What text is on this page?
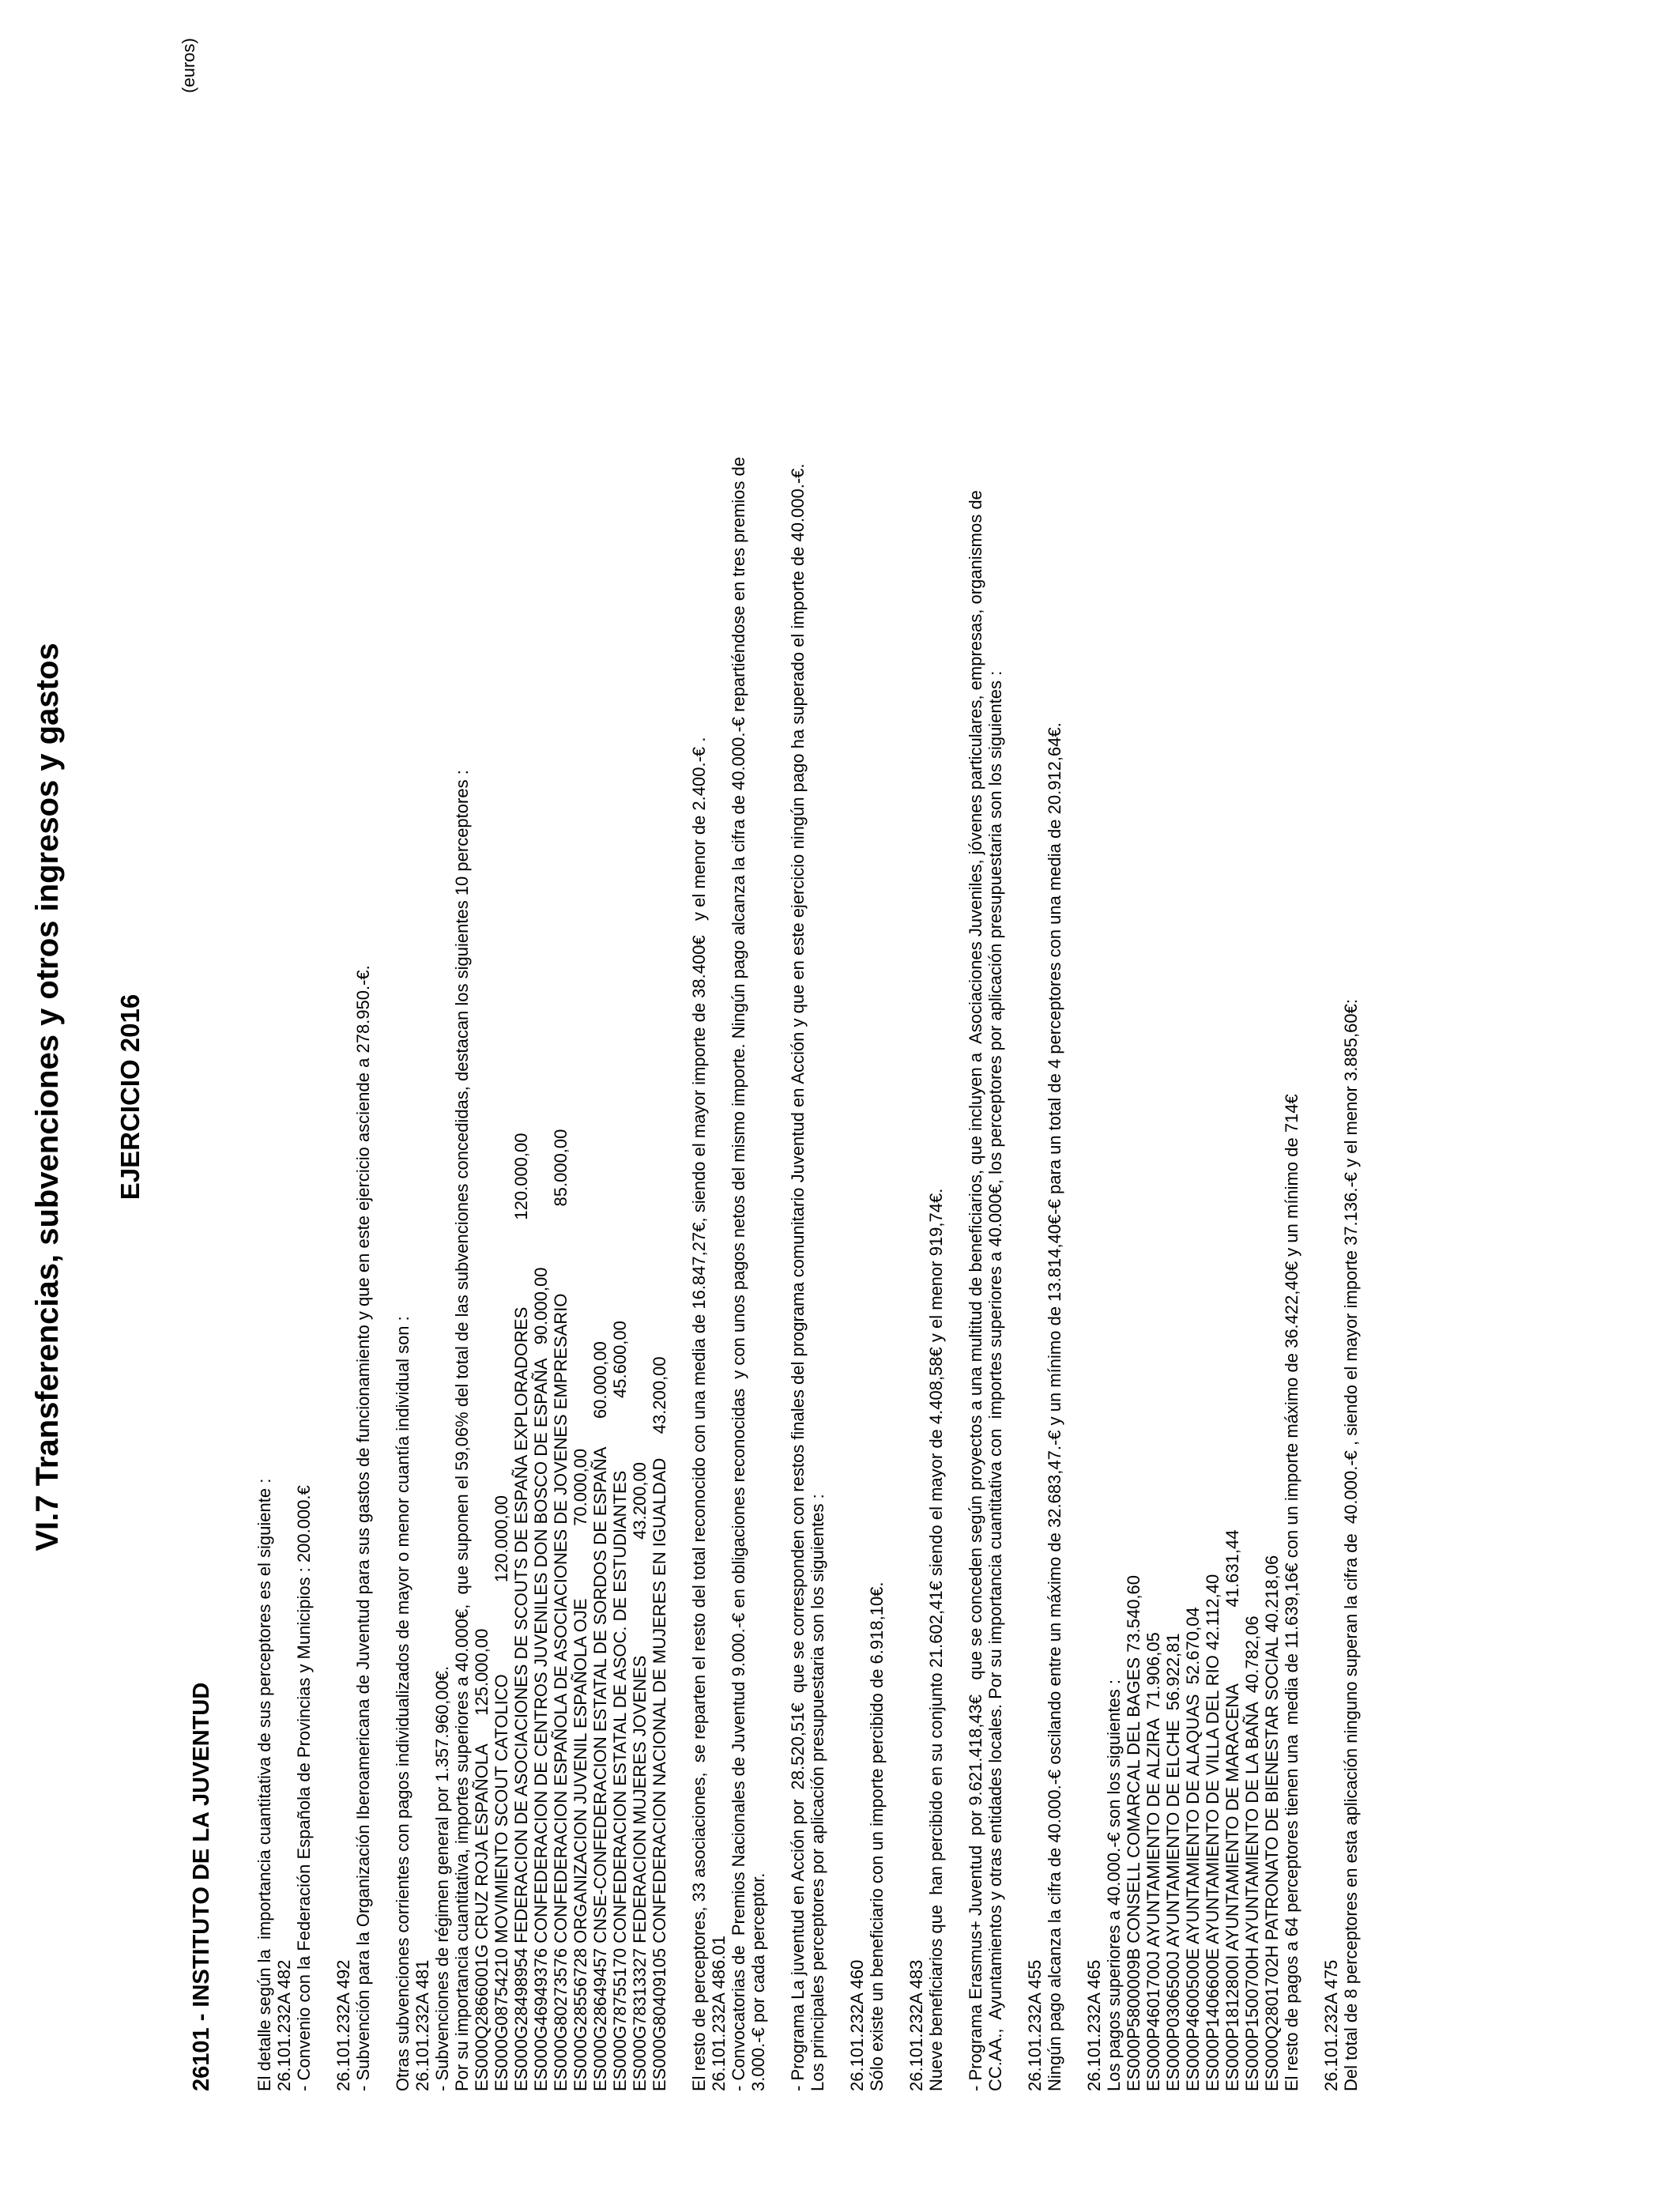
VI.7 Transferencias, subvenciones y otros ingresos y gastos EJERCICIO 2016
(euros)
26101 - INSTITUTO DE LA JUVENTUD El detalle según la  importancia cuantitativa de sus perceptores es el siguiente : 26.101.232A 482 - Convenio con la Federación Española de Provincias y Municipios : 200.000.€ 26.101.232A 492 - Subvención para la Organización Iberoamericana de Juventud para sus gastos de funcionamiento y que en este ejercicio asciende a 278.950.-€. Otras subvenciones corrientes con pagos individualizados de mayor o menor cuantía individual son : 26.101.232A 481 - Subvenciones de régimen general por 1.357.960,00€. Por su importancia cuantitativa, importes superiores a 40.000€,  que suponen el 59,06% del total de las subvenciones concedidas, destacan los siguientes 10 perceptores : ES000Q2866001G CRUZ ROJA ESPAÑOLA      125.000,00 ES000G08754210 MOVIMIENTO SCOUT CATOLICO                   120.000,00 ES000G28498954 FEDERACION DE ASOCIACIONES DE SCOUTS DE ESPAÑA EXPLORADORES                  120.000,00 ES000G46949376 CONFEDERACION DE CENTROS JUVENILES DON BOSCO DE ESPAÑA   90.000,00 ES000G80273576 CONFEDERACION ESPAÑOLA DE ASOCIACIONES DE JOVENES EMPRESARIO                  85.000,00 ES000G28556728 ORGANIZACION JUVENIL ESPAÑOLA OJE               70.000,00 ES000G28649457 CNSE-CONFEDERACION ESTATAL DE SORDOS DE ESPAÑA      60.000,00 ES000G78755170 CONFEDERACION ESTATAL DE ASOC. DE ESTUDIANTES               45.600,00 ES000G78313327 FEDERACION MUJERES JOVENES                        43.200,00 ES000G80409105 CONFEDERACION NACIONAL DE MUJERES EN IGUALDAD     43.200,00 El resto de perceptores, 33 asociaciones,  se reparten el resto del total reconocido con una media de 16.847,27€, siendo el mayor importe de 38.400€   y el menor de 2.400.-€ . 26.101.232A 486.01 - Convocatorias de  Premios Nacionales de Juventud 9.000.-€ en obligaciones reconocidas  y con unos pagos netos del mismo importe. Ningún pago alcanza la cifra de 40.000.-€ repartiéndose en tres premios de 3.000.-€ por cada perceptor. - Programa La juventud en Acción por  28.520,51€  que se corresponden con restos finales del programa comunitario Juventud en Acción y que en este ejercicio ningún pago ha superado el importe de 40.000.-€. Los principales perceptores por aplicación presupuestaria son los siguientes : 26.101.232A 460 Sólo existe un beneficiario con un importe percibido de 6.918,10€. 26.101.232A 483 Nueve beneficiarios que  han percibido en su conjunto 21.602,41€ siendo el mayor de 4.408,58€ y el menor 919,74€. - Programa Erasmus+ Juventud  por 9.621.418,43€   que se conceden según proyectos a una multitud de beneficiarios, que incluyen a  Asociaciones Juveniles, jóvenes particulares, empresas, organismos de CC.AA.,  Ayuntamientos y otras entidades locales. Por su importancia cuantitativa con  importes superiores a 40.000€, los perceptores por aplicación presupuestaria son los siguientes : 26.101.232A 455 Ningún pago alcanza la cifra de 40.000.-€ oscilando entre un máximo de 32.683,47.-€ y un mínimo de 13.814,40€-€ para un total de 4 perceptores con una media de 20.912,64€. 26.101.232A 465 Los pagos superiores a 40.000.-€ son los siguientes : ES000P5800009B CONSELL COMARCAL DEL BAGES 73.540,60 ES000P4601700J AYUNTAMIENTO DE ALZIRA  71.906,05 ES000P0306500J AYUNTAMIENTO DE ELCHE  56.922,81 ES000P4600500E AYUNTAMIENTO DE ALAQUAS  52.670,04 ES000P1406600E AYUNTAMIENTO DE VILLA DEL RIO 42.112,40 ES000P1812800I AYUNTAMIENTO DE MARACENA                41.631,44 ES000P1500700H AYUNTAMIENTO DE LA BAÑA  40.782,06 ES000Q2801702H PATRONATO DE BIENESTAR SOCIAL 40.218,06 El resto de pagos a 64 perceptores tienen una  media de 11.639,16€ con un importe máximo de 36.422,40€ y un mínimo de 714€ 26.101.232A 475 Del total de 8 perceptores en esta aplicación ninguno superan la cifra de  40.000.-€ , siendo el mayor importe 37.136.-€ y el menor 3.885,60€:
